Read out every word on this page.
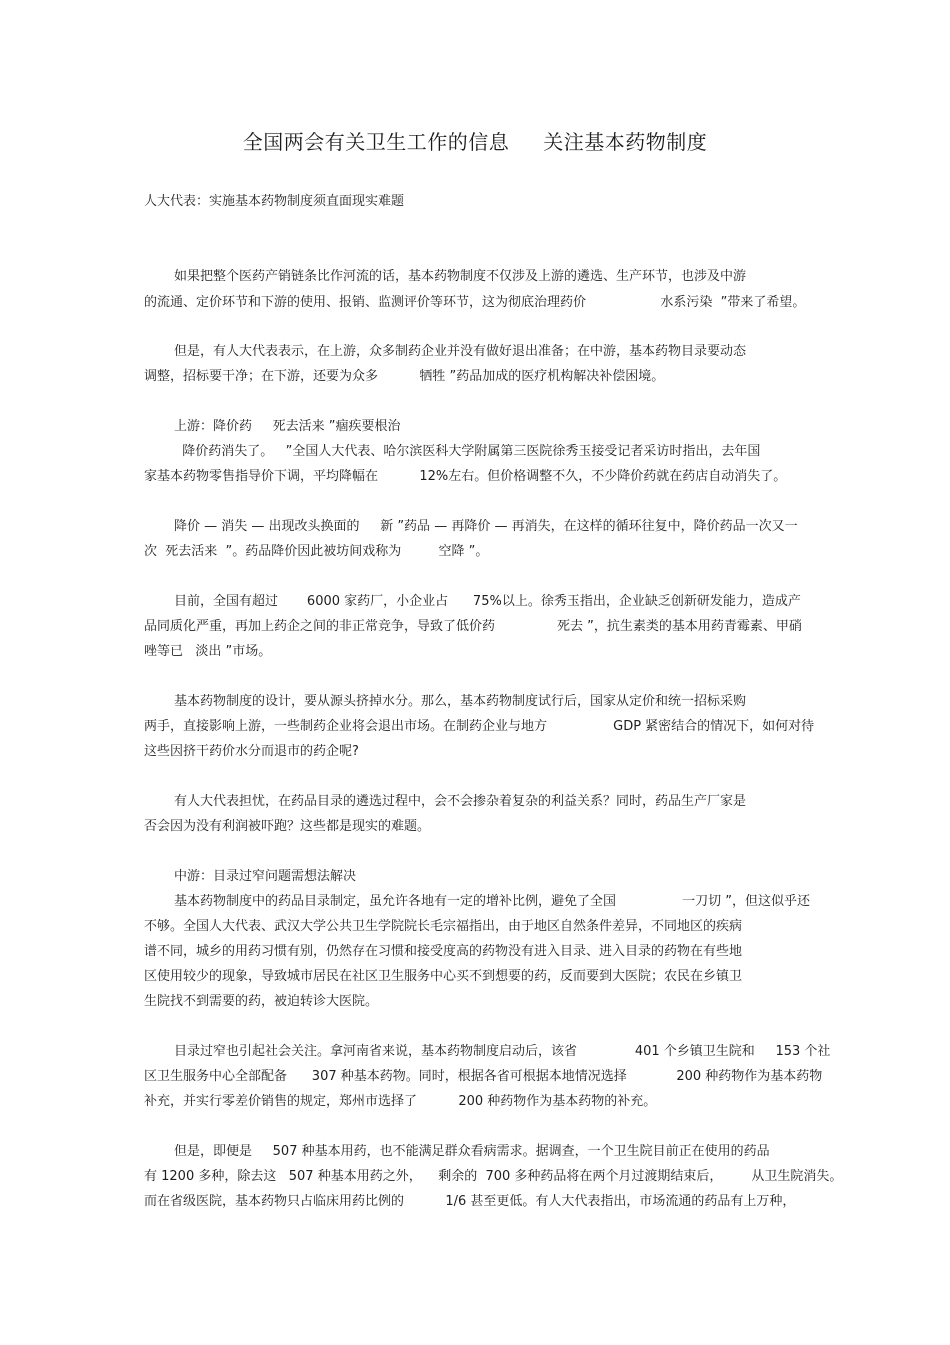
全国两会有关卫生工作的信息 关注基本药物制度
人大代表：实施基本药物制度须直面现实难题
如果把整个医药产销链条比作河流的话，基本药物制度不仅涉及上游的遴选、生产环节，也涉及中游
的流通、定价环节和下游的使用、报销、监测评价等环节，这为彻底治理药价                  水系污染  ”带来了希望。
但是，有人大代表表示，在上游，众多制药企业并没有做好退出准备；在中游，基本药物目录要动态
调整，招标要干净；在下游，还要为众多          牺牲 ”药品加成的医疗机构解决补偿困境。
上游：降价药     死去活来 ”痼疾要根治
降价药消失了。   ”全国人大代表、哈尔滨医科大学附属第三医院徐秀玉接受记者采访时指出，去年国
家基本药物零售指导价下调，平均降幅在          12%左右。但价格调整不久，不少降价药就在药店自动消失了。
降价 — 消失 — 出现改头换面的     新 ”药品 — 再降价 — 再消失，在这样的循环往复中，降价药品一次又一
次  死去活来  ”。药品降价因此被坊间戏称为         空降 ”。
目前，全国有超过       6000 家药厂，小企业占      75%以上。徐秀玉指出，企业缺乏创新研发能力，造成产
品同质化严重，再加上药企之间的非正常竞争，导致了低价药               死去 ”，抗生素类的基本用药青霉素、甲硝
唑等已   淡出 ”市场。
基本药物制度的设计，要从源头挤掉水分。那么，基本药物制度试行后，国家从定价和统一招标采购
两手，直接影响上游，一些制药企业将会退出市场。在制药企业与地方                GDP 紧密结合的情况下，如何对待
这些因挤干药价水分而退市的药企呢?
有人大代表担忧，在药品目录的遴选过程中，会不会掺杂着复杂的利益关系？同时，药品生产厂家是
否会因为没有利润被吓跑？这些都是现实的难题。
中游：目录过窄问题需想法解决
基本药物制度中的药品目录制定，虽允许各地有一定的增补比例，避免了全国                一刀切 ”，但这似乎还
不够。全国人大代表、武汉大学公共卫生学院院长毛宗福指出，由于地区自然条件差异，不同地区的疾病
谱不同，城乡的用药习惯有别，仍然存在习惯和接受度高的药物没有进入目录、进入目录的药物在有些地
区使用较少的现象，导致城市居民在社区卫生服务中心买不到想要的药，反而要到大医院；农民在乡镇卫
生院找不到需要的药，被迫转诊大医院。
目录过窄也引起社会关注。拿河南省来说，基本药物制度启动后，该省              401 个乡镇卫生院和     153 个社
区卫生服务中心全部配备      307 种基本药物。同时，根据各省可根据本地情况选择            200 种药物作为基本药物
补充，并实行零差价销售的规定，郑州市选择了          200 种药物作为基本药物的补充。
但是，即便是     507 种基本用药，也不能满足群众看病需求。据调查，一个卫生院目前正在使用的药品
有 1200 多种，除去这   507 种基本用药之外，    剩余的  700 多种药品将在两个月过渡期结束后，       从卫生院消失。
而在省级医院，基本药物只占临床用药比例的          1/6 甚至更低。有人大代表指出，市场流通的药品有上万种，
